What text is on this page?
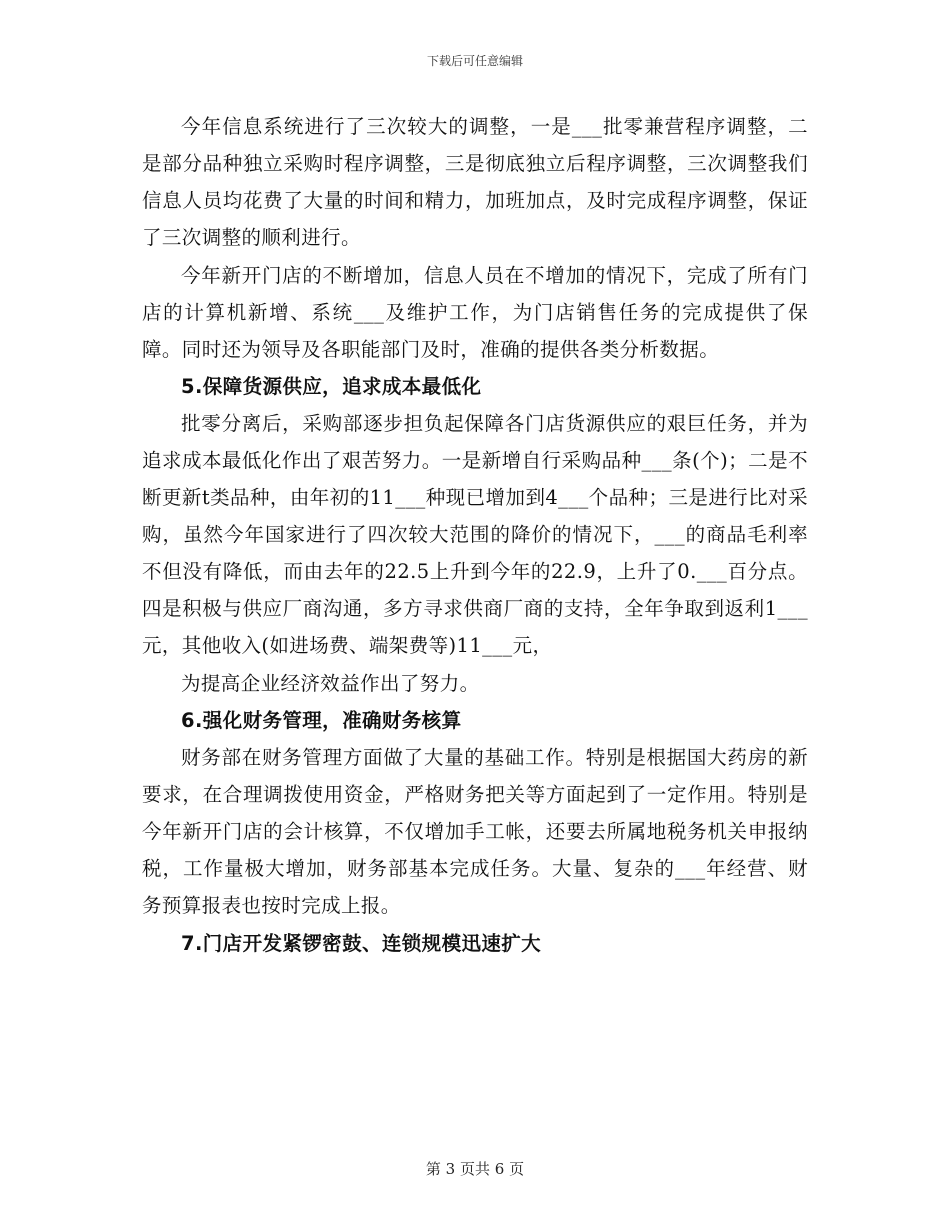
下载后可任意编辑

今年信息系统进行了三次较大的调整，一是___批零兼营程序调整，二是部分品种独立采购时程序调整，三是彻底独立后程序调整，三次调整我们信息人员均花费了大量的时间和精力，加班加点，及时完成程序调整，保证了三次调整的顺利进行。

今年新开门店的不断增加，信息人员在不增加的情况下，完成了所有门店的计算机新增、系统___及维护工作，为门店销售任务的完成提供了保障。同时还为领导及各职能部门及时，准确的提供各类分析数据。

5.保障货源供应，追求成本最低化

批零分离后，采购部逐步担负起保障各门店货源供应的艰巨任务，并为追求成本最低化作出了艰苦努力。一是新增自行采购品种___条(个)；二是不断更新t类品种，由年初的11___种现已增加到4___个品种；三是进行比对采购，虽然今年国家进行了四次较大范围的降价的情况下，___的商品毛利率不但没有降低，而由去年的22.5上升到今年的22.9，上升了0.___百分点。四是积极与供应厂商沟通，多方寻求供商厂商的支持，全年争取到返利1___元，其他收入(如进场费、端架费等)11___元，

为提高企业经济效益作出了努力。

6.强化财务管理，准确财务核算

财务部在财务管理方面做了大量的基础工作。特别是根据国大药房的新要求，在合理调拨使用资金，严格财务把关等方面起到了一定作用。特别是今年新开门店的会计核算，不仅增加手工帐，还要去所属地税务机关申报纳税，工作量极大增加，财务部基本完成任务。大量、复杂的___年经营、财务预算报表也按时完成上报。

7.门店开发紧锣密鼓、连锁规模迅速扩大

第 3 页共 6 页
